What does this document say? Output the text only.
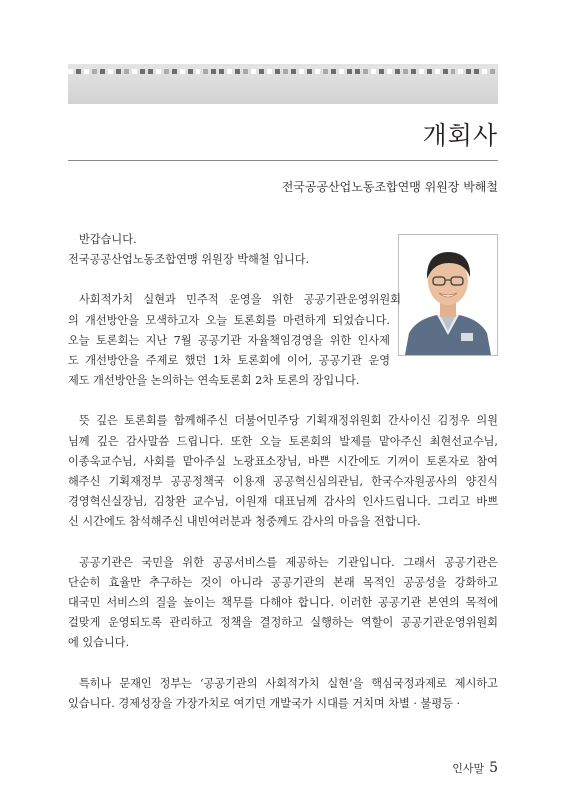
개회사

전국공공산업노동조합연맹 위원장 박해철

반갑습니다.
전국공공산업노동조합연맹 위원장 박해철 입니다.

사회적가치 실현과 민주적 운영을 위한 공공기관운영위원회
의 개선방안을 모색하고자 오늘 토론회를 마련하게 되었습니다.
오늘 토론회는 지난 7월 공공기관 자율책임경영을 위한 인사제
도 개선방안을 주제로 했던 1차 토론회에 이어, 공공기관 운영
제도 개선방안을 논의하는 연속토론회 2차 토론의 장입니다.

뜻 깊은 토론회를 함께해주신 더불어민주당 기획재정위원회 간사이신 김정우 의원
님께 깊은 감사말씀 드립니다. 또한 오늘 토론회의 발제를 맡아주신 최현선교수님,
이종욱교수님, 사회를 맡아주실 노광표소장님, 바쁜 시간에도 기꺼이 토론자로 참여
해주신 기획재정부 공공정책국 이용재 공공혁신심의관님, 한국수자원공사의 양진식
경영혁신실장님, 김창완 교수님, 이원재 대표님께 감사의 인사드립니다. 그리고 바쁘
신 시간에도 참석해주신 내빈여러분과 청중께도 감사의 마음을 전합니다.

공공기관은 국민을 위한 공공서비스를 제공하는 기관입니다. 그래서 공공기관은
단순히 효율만 추구하는 것이 아니라 공공기관의 본래 목적인 공공성을 강화하고
대국민 서비스의 질을 높이는 책무를 다해야 합니다. 이러한 공공기관 본연의 목적에
걸맞게 운영되도록 관리하고 정책을 결정하고 실행하는 역할이 공공기관운영위원회
에 있습니다.

특히나 문재인 정부는 ‘공공기관의 사회적가치 실현’을 핵심국정과제로 제시하고
있습니다. 경제성장을 가장가치로 여기던 개발국가 시대를 거치며 차별 · 불평등 ·

인사말 5
